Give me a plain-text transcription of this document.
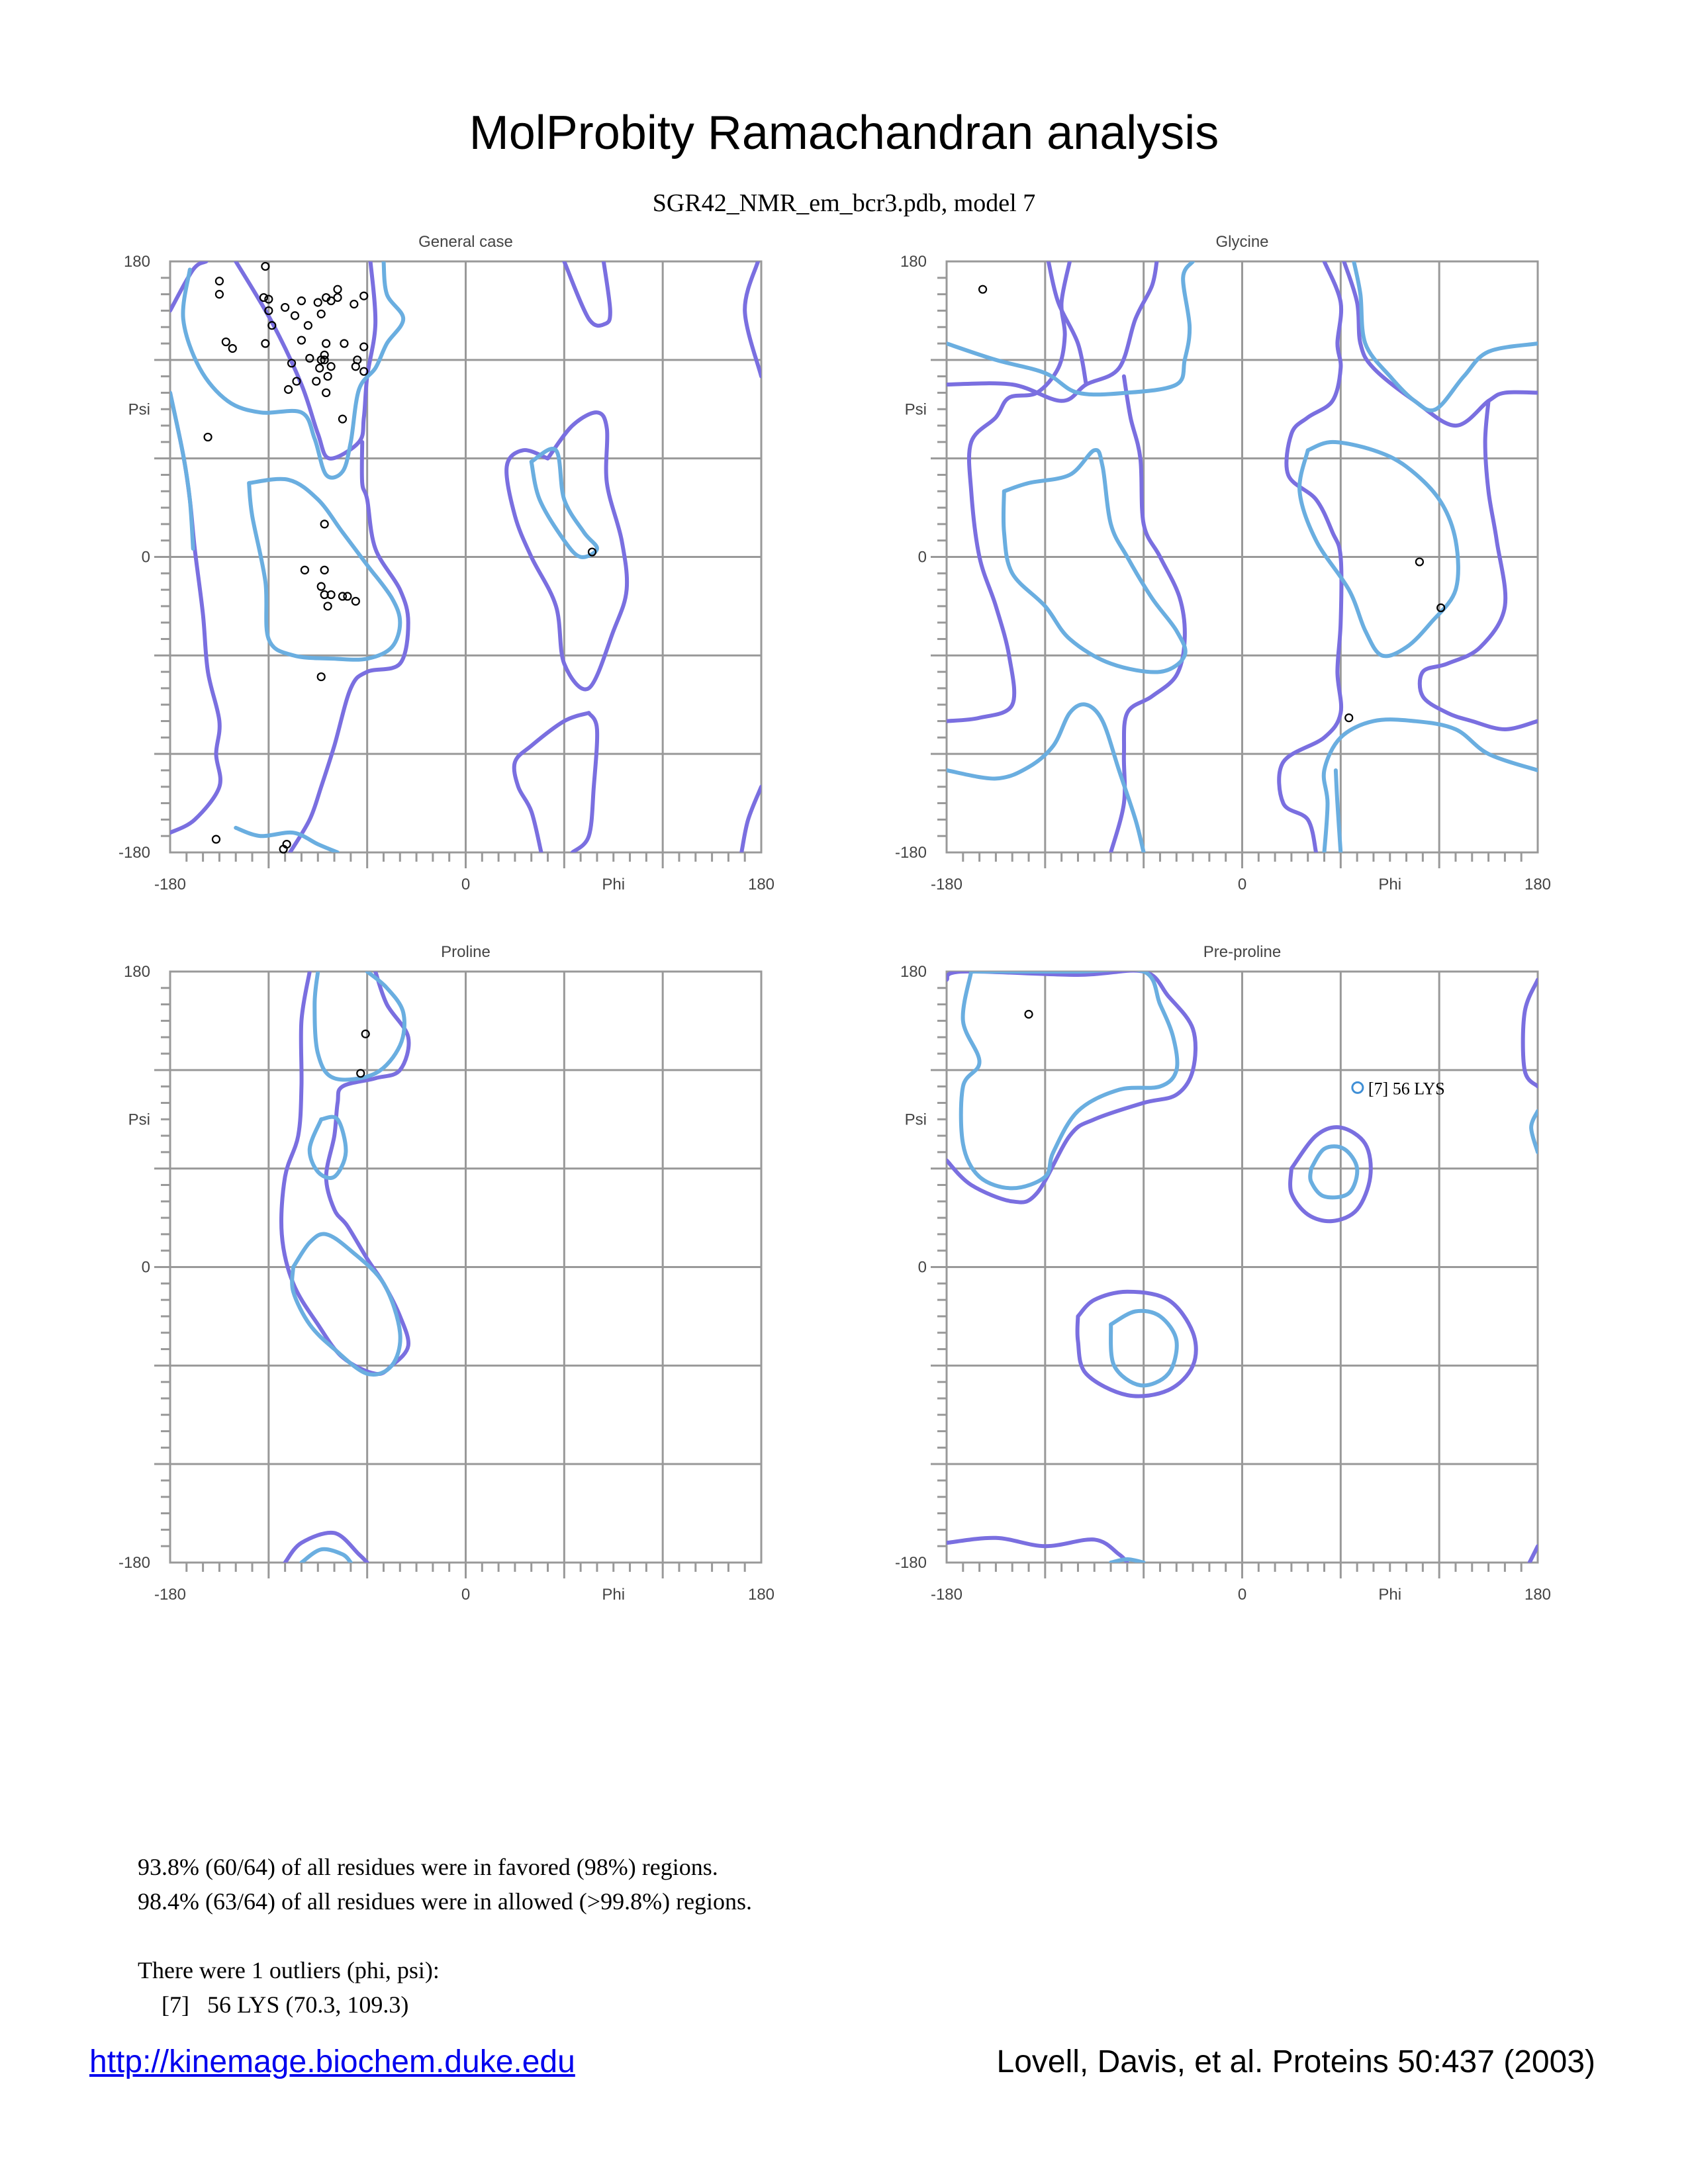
MolProbity Ramachandran analysis
SGR42_NMR_em_bcr3.pdb, model 7
General case
180
0
-180
Psi
-180	0	180
Phi
Glycine
180
0
-180
Psi
-180	0	180
Phi
Proline
180
0
-180
Psi
-180	0	180
Phi
[7] 56 LYS
Pre-proline
180
0
-180
Psi
-180	0	180
Phi
93.8% (60/64) of all residues were in favored (98%) regions.
98.4% (63/64) of all residues were in allowed (>99.8%) regions.
There were 1 outliers (phi, psi):
[7]   56 LYS (70.3, 109.3)
http://kinemage.biochem.duke.edu	Lovell, Davis, et al. Proteins 50:437 (2003)
